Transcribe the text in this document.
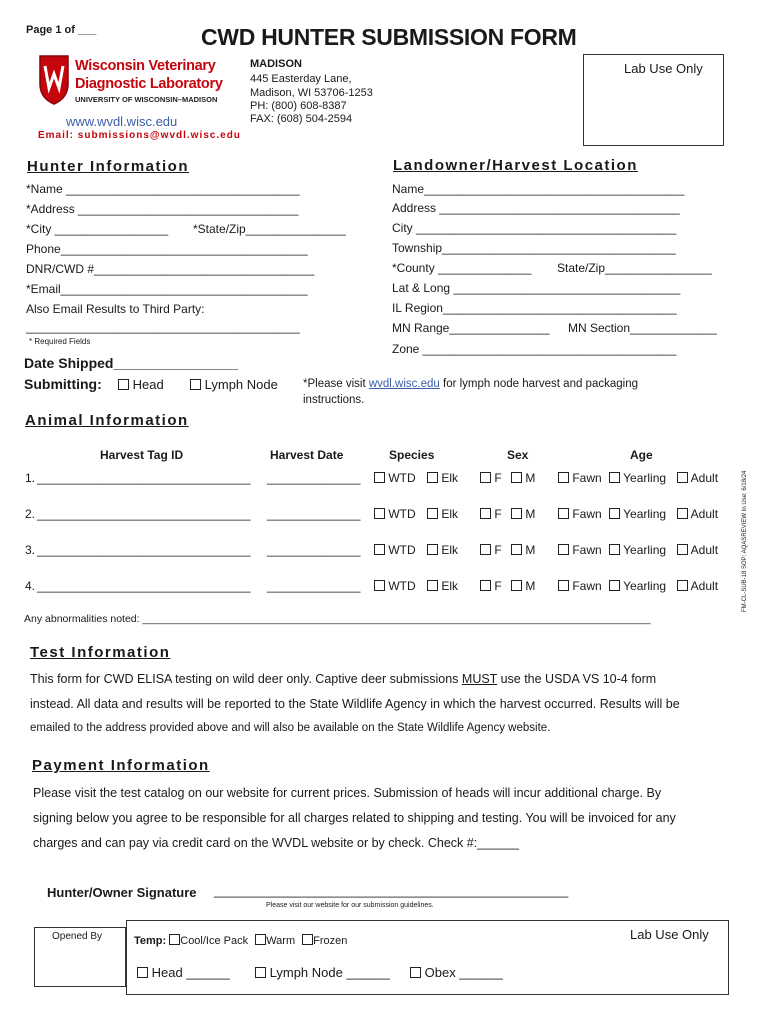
Page 1 of ___	CWD HUNTER SUBMISSION FORM
Wisconsin Veterinary
Diagnostic Laboratory
UNIVERSITY OF WISCONSIN–MADISON
www.wvdl.wisc.edu
Email: submissions@wvdl.wisc.edu
MADISON
445 Easterday Lane,
Madison, WI 53706-1253
PH: (800) 608-8387
FAX: (608) 504-2594
Lab Use Only
Hunter Information
*Name ___________________________________
*Address _________________________________
*City _________________ *State/Zip_______________
Phone_____________________________________
DNR/CWD #_________________________________
*Email_____________________________________
Also Email Results to Third Party:
_________________________________________
* Required Fields
Landowner/Harvest Location
Name_______________________________________
Address ____________________________________
City _______________________________________
Township___________________________________
*County ______________ State/Zip________________
Lat & Long __________________________________
IL Region___________________________________
MN Range_______________ MN Section_____________
Zone ______________________________________
Date Shipped________________
Submitting:	Head	Lymph Node *Please visit wvdl.wisc.edu for lymph node harvest and packaging
instructions.
Animal Information
Harvest Tag ID	Harvest Date	Species	Sex	Age
1. ________________________________ ______________	WTD	Elk	F	M	Fawn	Yearling	Adult
2. ________________________________ ______________	WTD	Elk	F	M	Fawn	Yearling	Adult
3. ________________________________ ______________	WTD	Elk	F	M	Fawn	Yearling	Adult
4. ________________________________ ______________	WTD	Elk	F	M	Fawn	Yearling	Adult
Any abnormalities noted: _______________________________________________________________________________________
FM-CL-SUB-18 SOP: AQASREVIEW In Use: 6/18/24
Test Information
This form for CWD ELISA testing on wild deer only. Captive deer submissions MUST use the USDA VS 10-4 form
instead. All data and results will be reported to the State Wildlife Agency in which the harvest occurred. Results will be
emailed to the address provided above and will also be available on the State Wildlife Agency website.
Payment Information
Please visit the test catalog on our website for current prices. Submission of heads will incur additional charge. By
signing below you agree to be responsible for all charges related to shipping and testing. You will be invoiced for any
charges and can pay via credit card on the WVDL website or by check. Check #:______
Hunter/Owner Signature _________________________________________________
Please visit our website for our submission guidelines.
Opened By	Temp: Cool/Ice Pack Warm Frozen	Lab Use Only
Head ______	Lymph Node ______	Obex ______
